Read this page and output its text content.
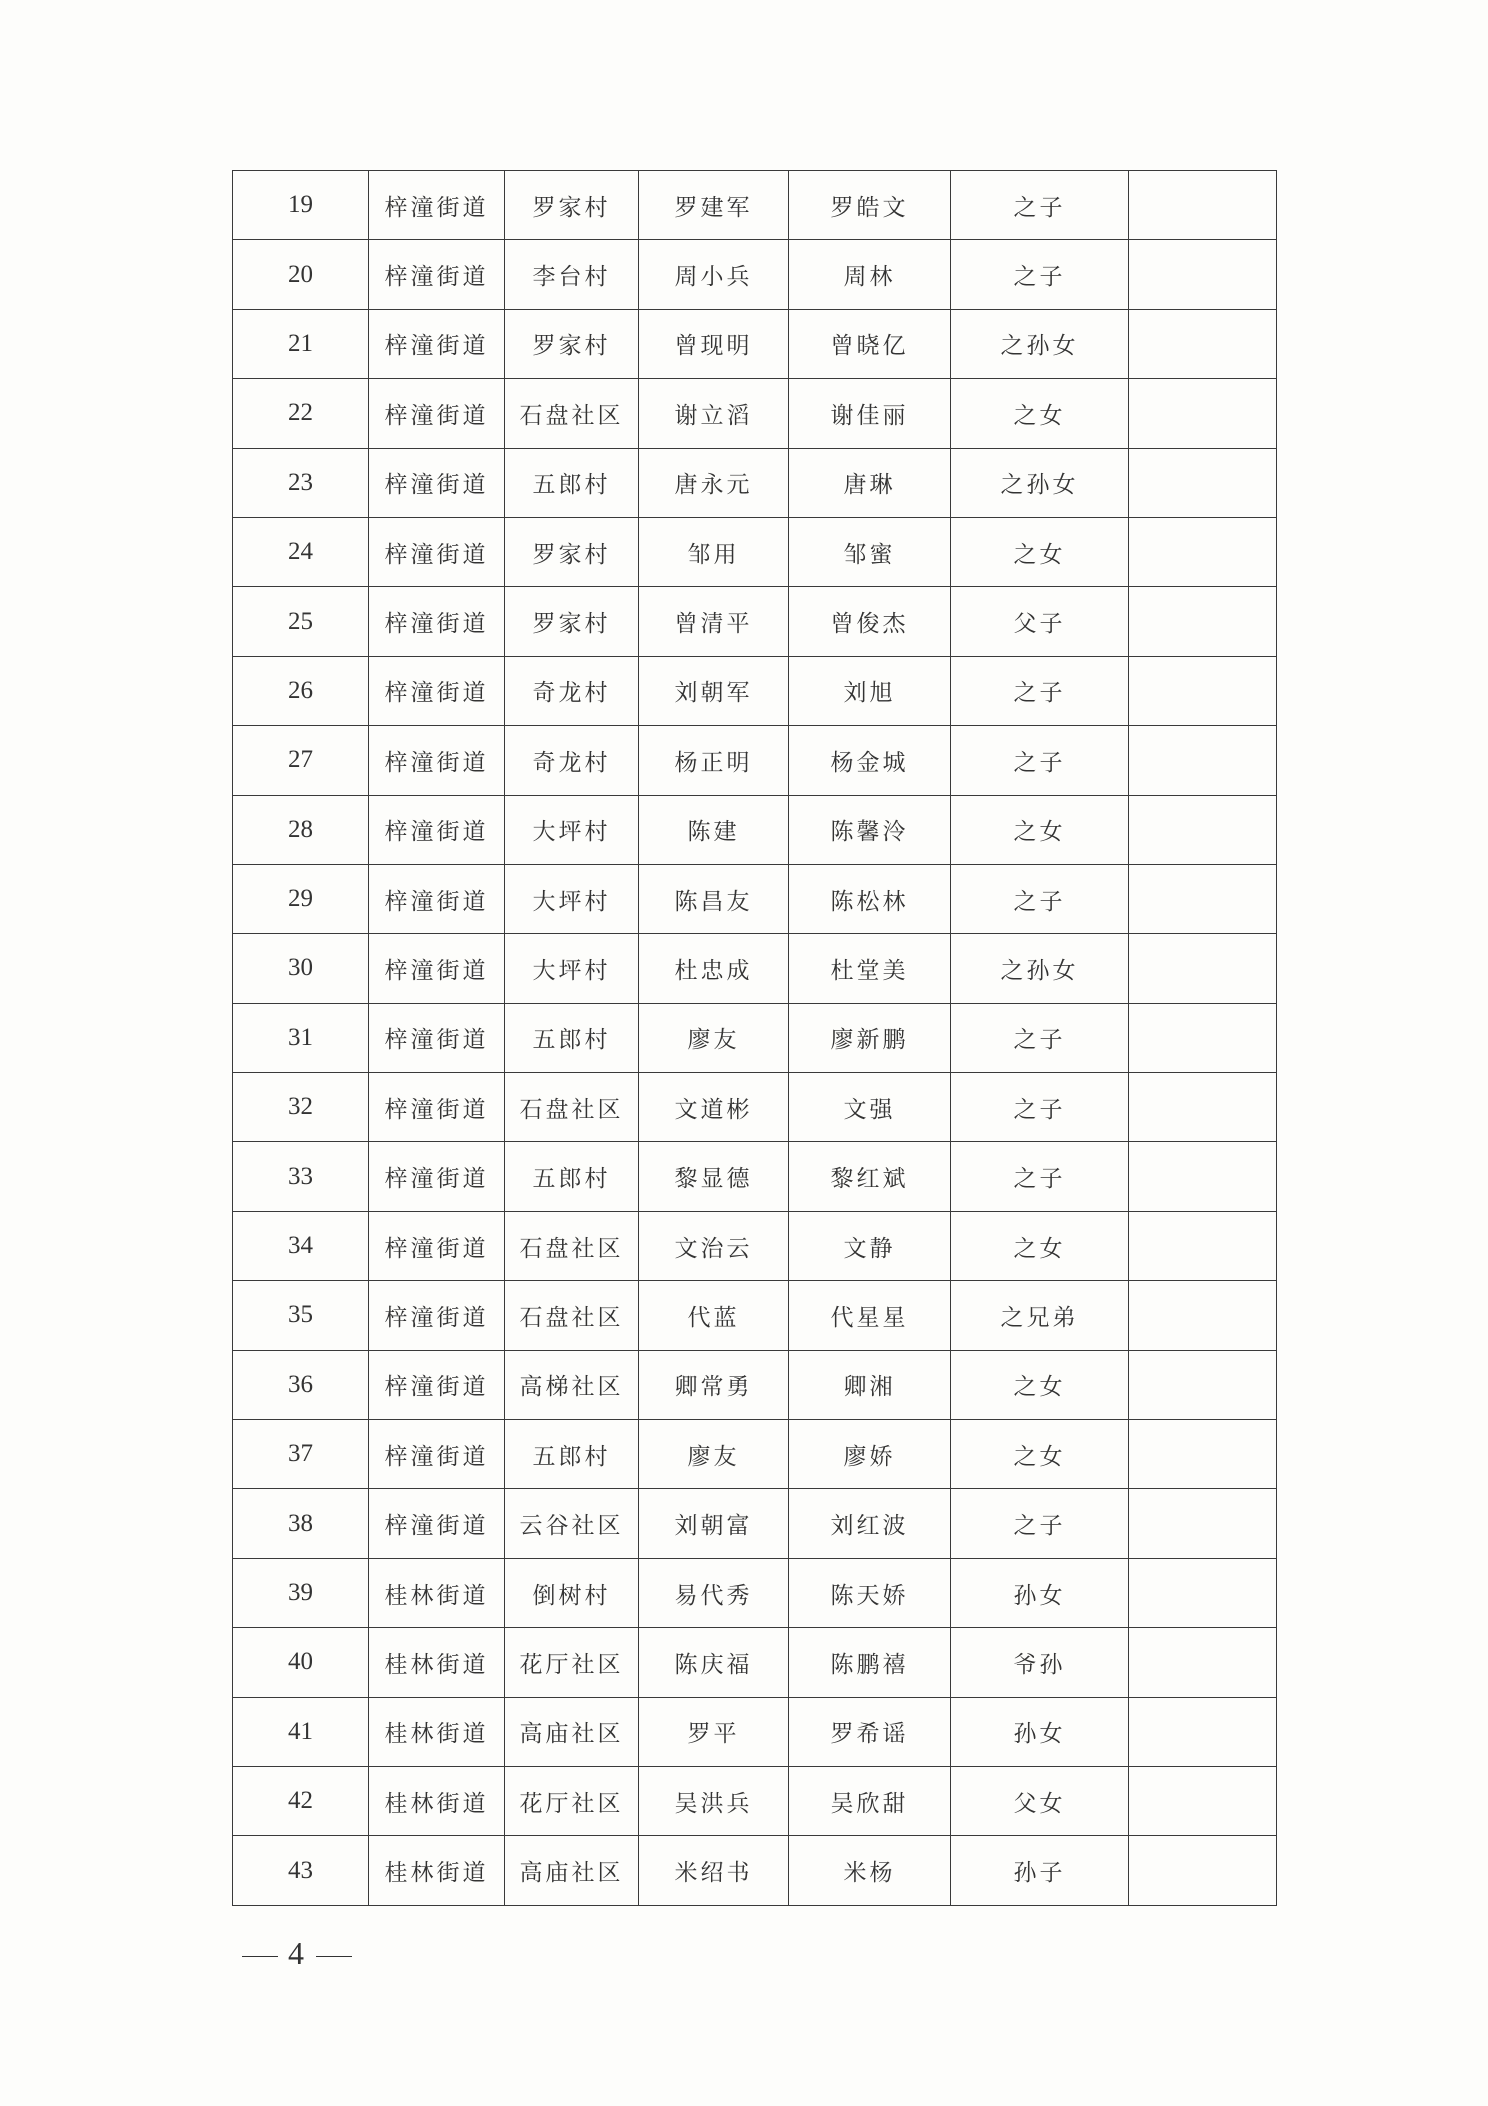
19	梓潼街道	罗家村	罗建军	罗皓文	之子	
20	梓潼街道	李台村	周小兵	周林	之子	
21	梓潼街道	罗家村	曾现明	曾晓亿	之孙女	
22	梓潼街道	石盘社区	谢立滔	谢佳丽	之女	
23	梓潼街道	五郎村	唐永元	唐琳	之孙女	
24	梓潼街道	罗家村	邹用	邹蜜	之女	
25	梓潼街道	罗家村	曾清平	曾俊杰	父子	
26	梓潼街道	奇龙村	刘朝军	刘旭	之子	
27	梓潼街道	奇龙村	杨正明	杨金城	之子	
28	梓潼街道	大坪村	陈建	陈馨泠	之女	
29	梓潼街道	大坪村	陈昌友	陈松林	之子	
30	梓潼街道	大坪村	杜忠成	杜堂美	之孙女	
31	梓潼街道	五郎村	廖友	廖新鹏	之子	
32	梓潼街道	石盘社区	文道彬	文强	之子	
33	梓潼街道	五郎村	黎显德	黎红斌	之子	
34	梓潼街道	石盘社区	文治云	文静	之女	
35	梓潼街道	石盘社区	代蓝	代星星	之兄弟	
36	梓潼街道	高梯社区	卿常勇	卿湘	之女	
37	梓潼街道	五郎村	廖友	廖娇	之女	
38	梓潼街道	云谷社区	刘朝富	刘红波	之子	
39	桂林街道	倒树村	易代秀	陈天娇	孙女	
40	桂林街道	花厅社区	陈庆福	陈鹏禧	爷孙	
41	桂林街道	高庙社区	罗平	罗希谣	孙女	
42	桂林街道	花厅社区	吴洪兵	吴欣甜	父女	
43	桂林街道	高庙社区	米绍书	米杨	孙子	
4
